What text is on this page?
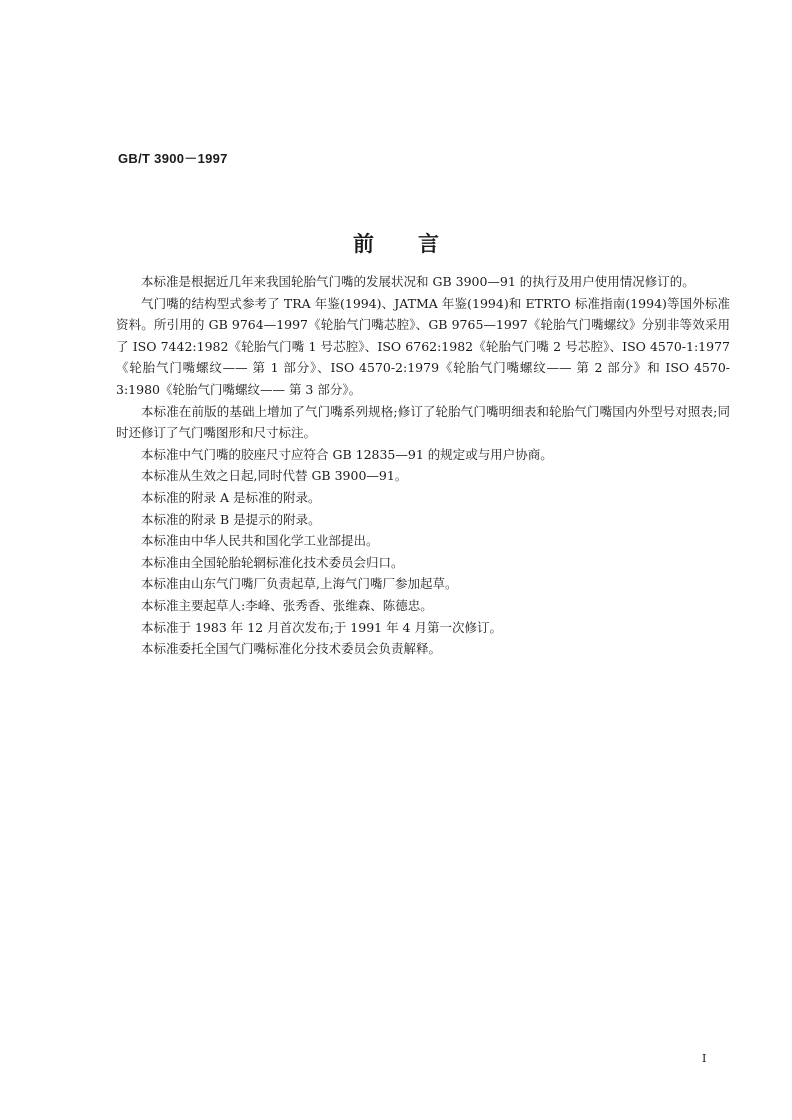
GB/T 3900－1997
前言

本标准是根据近几年来我国轮胎气门嘴的发展状况和 GB 3900—91 的执行及用户使用情况修订的。

气门嘴的结构型式参考了 TRA 年鉴(1994)、JATMA 年鉴(1994)和 ETRTO 标准指南(1994)等国外标准资料。所引用的 GB 9764—1997《轮胎气门嘴芯腔》、GB 9765—1997《轮胎气门嘴螺纹》分别非等效采用了 ISO 7442:1982《轮胎气门嘴 1 号芯腔》、ISO 6762:1982《轮胎气门嘴 2 号芯腔》、ISO 4570-1:1977《轮胎气门嘴螺纹—— 第 1 部分》、ISO 4570-2:1979《轮胎气门嘴螺纹—— 第 2 部分》和 ISO 4570-3:1980《轮胎气门嘴螺纹—— 第 3 部分》。

本标准在前版的基础上增加了气门嘴系列规格;修订了轮胎气门嘴明细表和轮胎气门嘴国内外型号对照表;同时还修订了气门嘴图形和尺寸标注。

本标准中气门嘴的胶座尺寸应符合 GB 12835—91 的规定或与用户协商。

本标准从生效之日起,同时代替 GB 3900—91。

本标准的附录 A 是标准的附录。

本标准的附录 B 是提示的附录。

本标准由中华人民共和国化学工业部提出。

本标准由全国轮胎轮辋标准化技术委员会归口。

本标准由山东气门嘴厂负责起草,上海气门嘴厂参加起草。

本标准主要起草人:李峰、张秀香、张维森、陈德忠。

本标准于 1983 年 12 月首次发布;于 1991 年 4 月第一次修订。

本标准委托全国气门嘴标准化分技术委员会负责解释。

I
